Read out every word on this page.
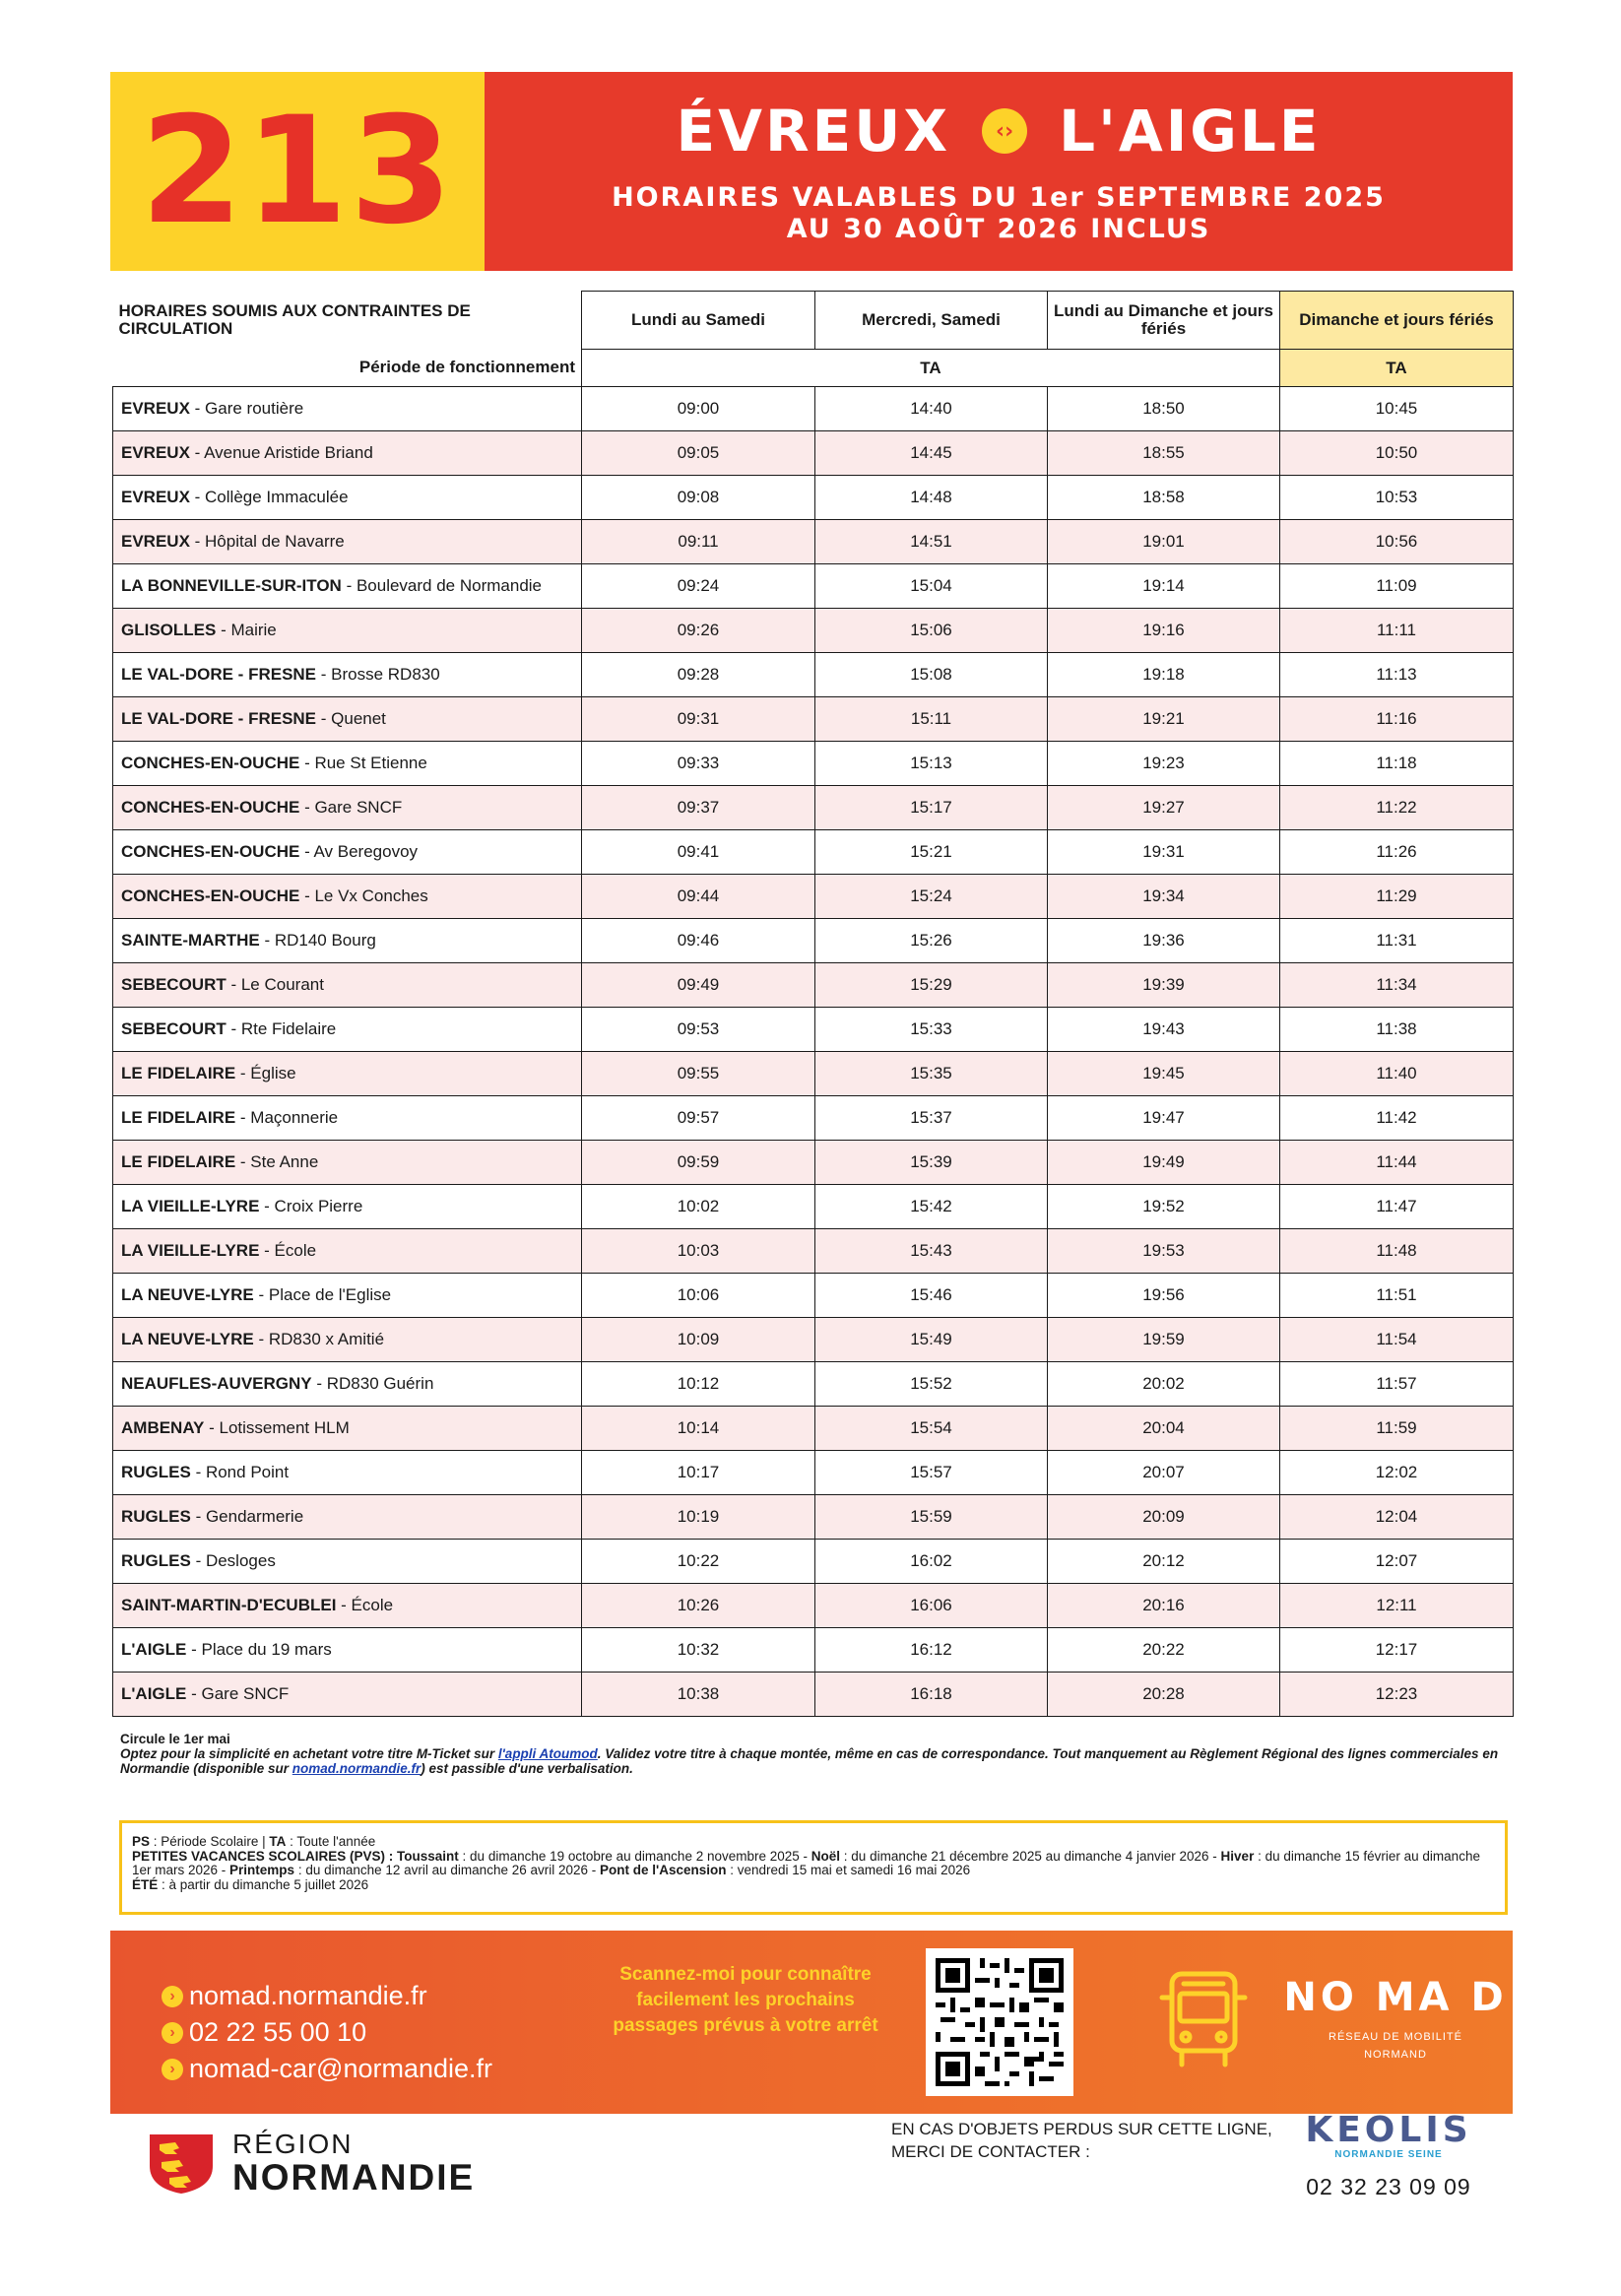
213	ÉVREUX	‹› L'AIGLE
HORAIRES VALABLES DU 1er SEPTEMBRE 2025
AU 30 AOÛT 2026 INCLUS
HORAIRES SOUMIS AUX CONTRAINTES DE CIRCULATION	Lundi au Samedi	Mercredi, Samedi	Lundi au Dimanche et jours fériés	Dimanche et jours fériés
Période de fonctionnement	TA			TA
EVREUX - Gare routière	09:00	14:40	18:50	10:45
EVREUX - Avenue Aristide Briand	09:05	14:45	18:55	10:50
EVREUX - Collège Immaculée	09:08	14:48	18:58	10:53
EVREUX - Hôpital de Navarre	09:11	14:51	19:01	10:56
LA BONNEVILLE-SUR-ITON - Boulevard de Normandie	09:24	15:04	19:14	11:09
GLISOLLES - Mairie	09:26	15:06	19:16	11:11
LE VAL-DORE - FRESNE - Brosse RD830	09:28	15:08	19:18	11:13
LE VAL-DORE - FRESNE - Quenet	09:31	15:11	19:21	11:16
CONCHES-EN-OUCHE - Rue St Etienne	09:33	15:13	19:23	11:18
CONCHES-EN-OUCHE - Gare SNCF	09:37	15:17	19:27	11:22
CONCHES-EN-OUCHE - Av Beregovoy	09:41	15:21	19:31	11:26
CONCHES-EN-OUCHE - Le Vx Conches	09:44	15:24	19:34	11:29
SAINTE-MARTHE - RD140 Bourg	09:46	15:26	19:36	11:31
SEBECOURT - Le Courant	09:49	15:29	19:39	11:34
SEBECOURT - Rte Fidelaire	09:53	15:33	19:43	11:38
LE FIDELAIRE - Église	09:55	15:35	19:45	11:40
LE FIDELAIRE - Maçonnerie	09:57	15:37	19:47	11:42
LE FIDELAIRE - Ste Anne	09:59	15:39	19:49	11:44
LA VIEILLE-LYRE - Croix Pierre	10:02	15:42	19:52	11:47
LA VIEILLE-LYRE - École	10:03	15:43	19:53	11:48
LA NEUVE-LYRE - Place de l'Eglise	10:06	15:46	19:56	11:51
LA NEUVE-LYRE - RD830 x Amitié	10:09	15:49	19:59	11:54
NEAUFLES-AUVERGNY - RD830 Guérin	10:12	15:52	20:02	11:57
AMBENAY - Lotissement HLM	10:14	15:54	20:04	11:59
RUGLES - Rond Point	10:17	15:57	20:07	12:02
RUGLES - Gendarmerie	10:19	15:59	20:09	12:04
RUGLES - Desloges	10:22	16:02	20:12	12:07
SAINT-MARTIN-D'ECUBLEI - École	10:26	16:06	20:16	12:11
L'AIGLE - Place du 19 mars	10:32	16:12	20:22	12:17
L'AIGLE - Gare SNCF	10:38	16:18	20:28	12:23
Circule le 1er mai
Optez pour la simplicité en achetant votre titre M-Ticket sur l'appli Atoumod. Validez votre titre à chaque montée, même en cas de correspondance. Tout manquement au Règlement Régional des lignes commerciales en Normandie (disponible sur nomad.normandie.fr) est passible d'une verbalisation.
PS : Période Scolaire | TA : Toute l'année
PETITES VACANCES SCOLAIRES (PVS) : Toussaint : du dimanche 19 octobre au dimanche 2 novembre 2025 - Noël : du dimanche 21 décembre 2025 au dimanche 4 janvier 2026 - Hiver : du dimanche 15 février au dimanche 1er mars 2026 - Printemps : du dimanche 12 avril au dimanche 26 avril 2026 - Pont de l'Ascension : vendredi 15 mai et samedi 16 mai 2026
ÉTÉ : à partir du dimanche 5 juillet 2026
› nomad.normandie.fr
› 02 22 55 00 10
› nomad-car@normandie.fr
Scannez-moi pour connaître facilement les prochains passages prévus à votre arrêt
NO MA D
RÉSEAU DE MOBILITÉ
NORMAND
RÉGION
NORMANDIE
EN CAS D'OBJETS PERDUS SUR CETTE LIGNE,
MERCI DE CONTACTER :
KEOLIS
NORMANDIE SEINE
02 32 23 09 09
